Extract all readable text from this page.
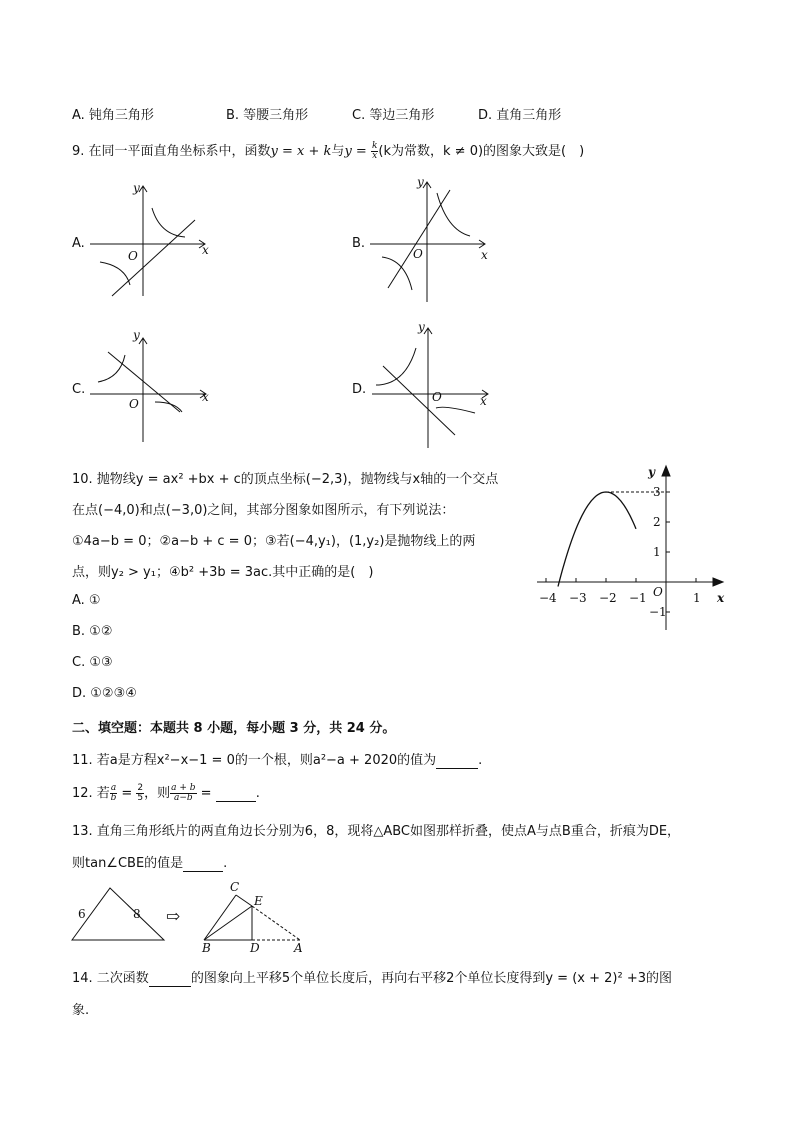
A. 钝角三角形	B. 等腰三角形	C. 等边三角形	D. 直角三角形
9. 在同一平面直角坐标系中，函数y = x + k与$y = \frac{k}{x} (k$为常数，k ≠ 0)的图象大致是(　)
A.
y
x
O
B.
y
x
O
C.
y
x
O
D.
y
x
O
10. 抛物线y = ax² +bx + c的顶点坐标(−2,3)，抛物线与x轴的一个交点
在点(−4,0)和点(−3,0)之间，其部分图象如图所示，有下列说法：
①4a−b = 0；②a−b + c = 0；③若(−4,y₁)，(1,y₂)是抛物线上的两
点，则y₂ > y₁；④b² +3b = 3ac.其中正确的是(　)
A. ①
B. ①②
C. ①③
D. ①②③④
−4 −3 −2 −1	1
3
2
1
−1
x
y
O
二、填空题：本题共 8 小题，每小题 3 分，共 24 分。
11. 若a是方程x²−x−1 = 0的一个根，则a²−a + 2020的值为	.
12. 若 $\frac{a}{b} = \frac{2}{5}$ ，则 $\frac{a + b}{a-b}$ =	.
13. 直角三角形纸片的两直角边长分别为6，8，现将△ABC如图那样折叠，使点A与点B重合，折痕为DE，
则tan∠CBE的值是	.
6	8 ⇨
C
E
B	D	A
14. 二次函数	的图象向上平移5个单位长度后，再向右平移2个单位长度得到y = (x + 2)² +3的图
象.
